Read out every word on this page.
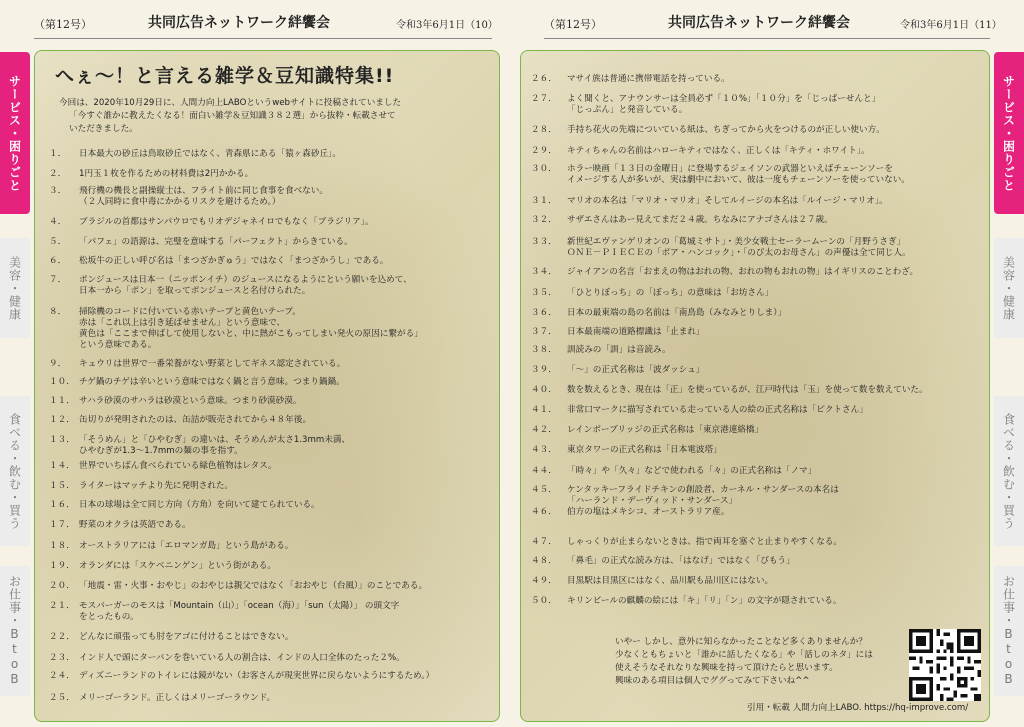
（第12号）	共同広告ネットワーク絆饗会	令和3年6月1日（10）	（第12号）	共同広告ネットワーク絆饗会	令和3年6月1日（11）
サービス・困りごと
美容・健康
食べる・飲む・買う
お仕事・BtoB
サービス・困りごと
美容・健康
食べる・飲む・買う
お仕事・BtoB
へぇ～！と言える雑学＆豆知識特集!!
今回は、2020年10月29日に、人間力向上LABOというwebサイトに投稿されていました
「今すぐ誰かに教えたくなる！面白い雑学＆豆知識３８２選」から抜粋・転載させて
いただきました。
１． 日本最大の砂丘は鳥取砂丘ではなく、青森県にある「猿ヶ森砂丘」。
２． 1円玉１枚を作るための材料費は2円かかる。
３． 飛行機の機長と副操縦士は、フライト前に同じ食事を食べない。
（２人同時に食中毒にかかるリスクを避けるため。）
４． ブラジルの首都はサンパウロでもリオデジャネイロでもなく「ブラジリア」。
５． 「パフェ」の語源は、完璧を意味する「パーフェクト」からきている。
６． 松坂牛の正しい呼び名は「まつざかぎゅう」ではなく「まつざかうし」である。
７． ポンジュースは日本一（ニッポンイチ）のジュースになるようにという願いを込めて、
日本一から「ポン」を取ってポンジュースと名付けられた。
８． 掃除機のコードに付いている赤いテープと黄色いテープ。
赤は「これ以上は引き延ばせません」という意味で、
黄色は「ここまで伸ばして使用しないと、中に熱がこもってしまい発火の原因に繋がる」
という意味である。
９． キュウリは世界で一番栄養がない野菜としてギネス認定されている。
１０． チゲ鍋のチゲは辛いという意味ではなく鍋と言う意味。つまり鍋鍋。
１１． サハラ砂漠のサハラは砂漠という意味。つまり砂漠砂漠。
１２． 缶切りが発明されたのは、缶詰が販売されてから４８年後。
１３． 「そうめん」と「ひやむぎ」の違いは、そうめんが太さ1.3mm未満、
ひやむぎが1.3～1.7mmの麺の事を指す。
１４． 世界でいちばん食べられている緑色植物はレタス。
１５． ライターはマッチより先に発明された。
１６． 日本の球場は全て同じ方向（方角）を向いて建てられている。
１７． 野菜のオクラは英語である。
１８． オーストラリアには「エロマンガ島」という島がある。
１９． オランダには「スケベニンゲン」という街がある。
２０． 「地震・雷・火事・おやじ」のおやじは親父ではなく「おおやじ（台風）」のことである。
２１． モスバーガーのモスは「Mountain（山）」「ocean（海）」「sun（太陽）」 の頭文字
をとったもの。
２２． どんなに頑張っても肘をアゴに付けることはできない。
２３． インド人で頭にターバンを巻いている人の割合は、インドの人口全体のたった２%。
２４． ディズニーランドのトイレには鏡がない（お客さんが現実世界に戻らないようにするため。）
２５． メリーゴーランド。正しくはメリーゴーラウンド。
２６． マサイ族は普通に携帯電話を持っている。
２７． よく聞くと、アナウンサーは全員必ず「１０%」「１０分」を「じっぱーせんと」
「じっぷん」と発音している。
２８． 手持ち花火の先端についている紙は、ちぎってから火をつけるのが正しい使い方。
２９． キティちゃんの名前はハローキティではなく、正しくは「キティ・ホワイト」。
３０． ホラー映画「１３日の金曜日」に登場するジェイソンの武器といえばチェーンソーを
イメージする人が多いが、実は劇中において、彼は一度もチェーンソーを使っていない。
３１． マリオの本名は「マリオ・マリオ」そしてルイージの本名は「ルイージ・マリオ」。
３２． サザエさんはあー見えてまだ２４歳。ちなみにアナゴさんは２７歳。
３３． 新世紀エヴァンゲリオンの「葛城ミサト」・美少女戦士セーラームーンの「月野うさぎ」
ＯＮＥ－ＰＩＥＣＥの「ボア・ハンコック」・「のび太のお母さん」の声優は全て同じ人。
３４． ジャイアンの名言「おまえの物はおれの物、おれの物もおれの物」はイギリスのことわざ。
３５． 「ひとりぼっち」の「ぼっち」の意味は「お坊さん」
３６． 日本の最東端の島の名前は「南鳥島（みなみとりしま）」
３７． 日本最南端の道路標識は「止まれ」
３８． 訓読みの「訓」は音読み。
３９． 「～」の正式名称は「波ダッシュ」
４０． 数を数えるとき、現在は「正」を使っているが、江戸時代は「玉」を使って数を数えていた。
４１． 非常口マークに描写されている走っている人の絵の正式名称は「ピクトさん」
４２． レインボーブリッジの正式名称は「東京港連絡橋」
４３． 東京タワーの正式名称は「日本電波塔」
４４． 「時々」や「久々」などで使われる「々」の正式名称は「ノマ」
４５． ケンタッキーフライドチキンの創設者、カーネル・サンダースの本名は
「ハーランド・デーヴィッド・サンダース」
４６． 伯方の塩はメキシコ、オーストラリア産。
４７． しゃっくりが止まらないときは、指で両耳を塞ぐと止まりやすくなる。
４８． 「鼻毛」の正式な読み方は、「はなげ」ではなく「びもう」
４９． 目黒駅は目黒区にはなく、品川駅も品川区にはない。
５０． キリンビールの麒麟の絵には「キ」「リ」「ン」の文字が隠されている。
いやー しかし、意外に知らなかったことなど多くありませんか？
少なくともちょいと「誰かに話したくなる」や「話しのネタ」には
使えそうなそれなりな興味を持って頂けたらと思います。
興味のある項目は個人でググってみて下さいね^^
引用・転載 人間力向上LABO. https://hq-improve.com/
